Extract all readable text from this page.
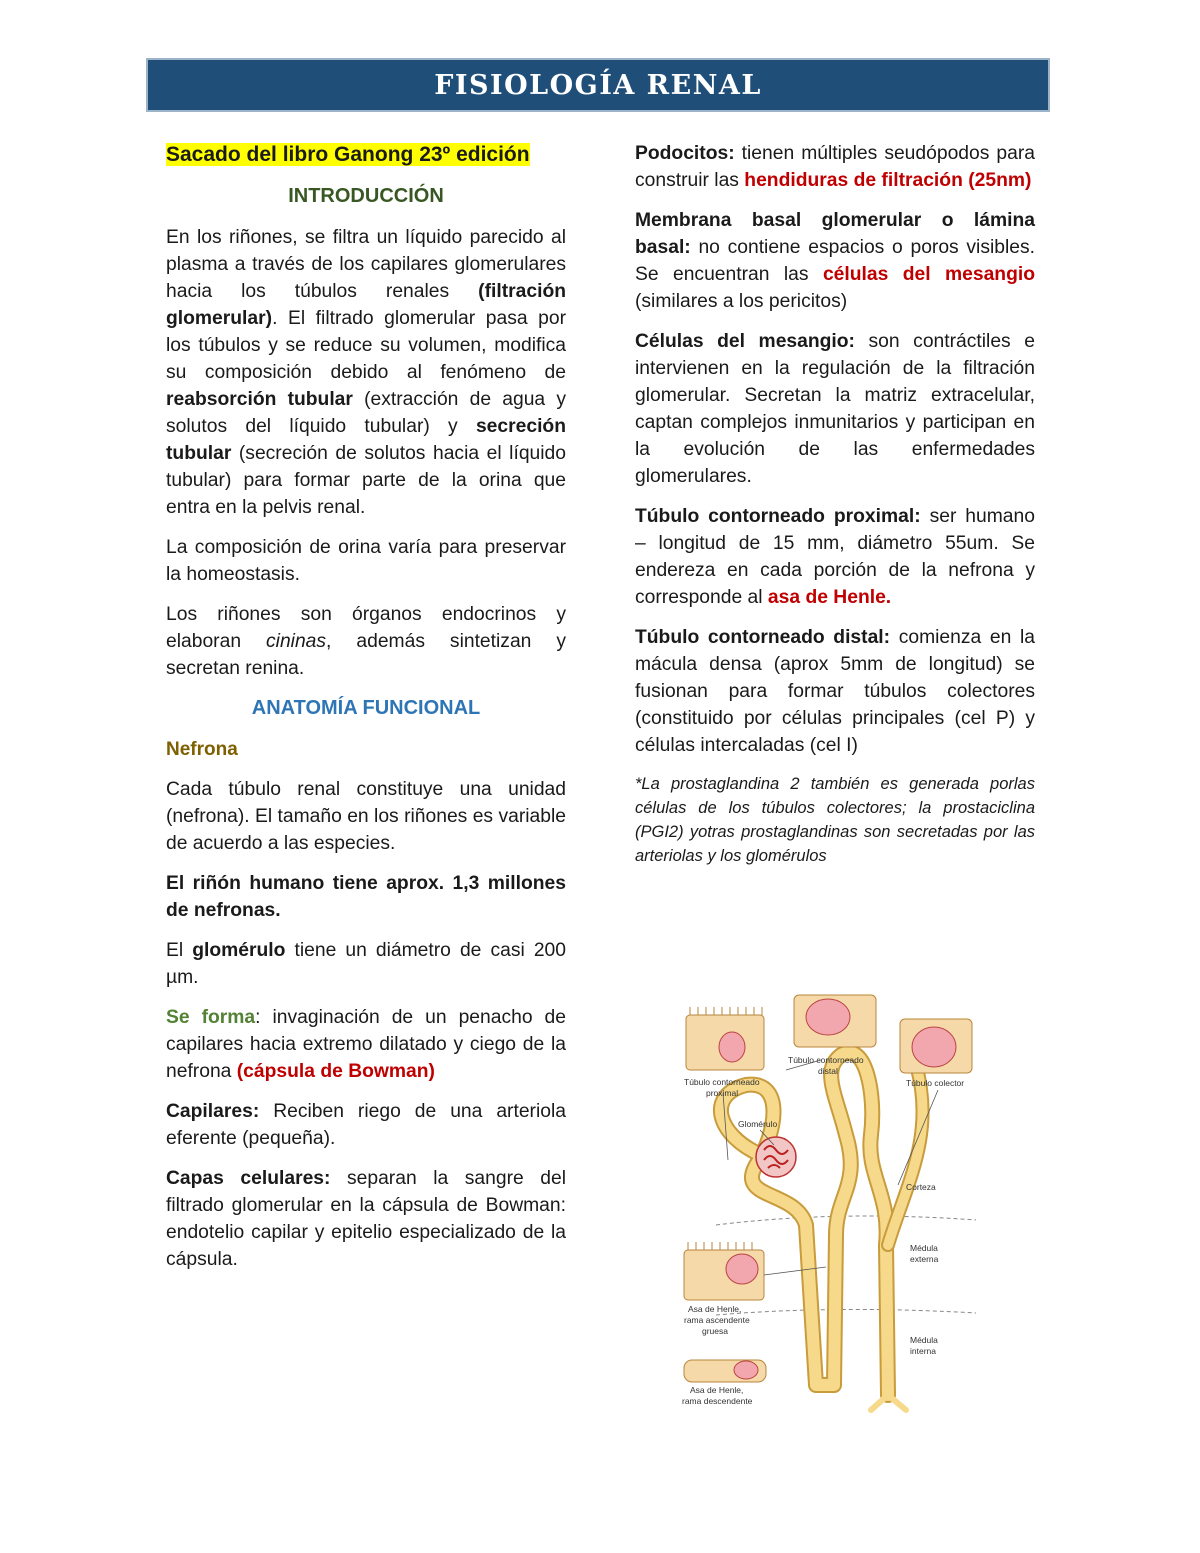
FISIOLOGÍA RENAL

Sacado del libro Ganong 23º edición

INTRODUCCIÓN

En los riñones, se filtra un líquido parecido al plasma a través de los capilares glomerulares hacia los túbulos renales (filtración glomerular). El filtrado glomerular pasa por los túbulos y se reduce su volumen, modifica su composición debido al fenómeno de reabsorción tubular (extracción de agua y solutos del líquido tubular) y secreción tubular (secreción de solutos hacia el líquido tubular) para formar parte de la orina que entra en la pelvis renal.

La composición de orina varía para preservar la homeostasis.

Los riñones son órganos endocrinos y elaboran cininas, además sintetizan y secretan renina.

ANATOMÍA FUNCIONAL

Nefrona

Cada túbulo renal constituye una unidad (nefrona). El tamaño en los riñones es variable de acuerdo a las especies.

El riñón humano tiene aprox. 1,3 millones de nefronas.

El glomérulo tiene un diámetro de casi 200 µm.

Se forma: invaginación de un penacho de capilares hacia extremo dilatado y ciego de la nefrona (cápsula de Bowman)

Capilares: Reciben riego de una arteriola eferente (pequeña).

Capas celulares: separan la sangre del filtrado glomerular en la cápsula de Bowman: endotelio capilar y epitelio especializado de la cápsula.

Podocitos: tienen múltiples seudópodos para construir las hendiduras de filtración (25nm)

Membrana basal glomerular o lámina basal: no contiene espacios o poros visibles. Se encuentran las células del mesangio (similares a los pericitos)

Células del mesangio: son contráctiles e intervienen en la regulación de la filtración glomerular. Secretan la matriz extracelular, captan complejos inmunitarios y participan en la evolución de las enfermedades glomerulares.

Túbulo contorneado proximal: ser humano – longitud de 15 mm, diámetro 55um. Se endereza en cada porción de la nefrona y corresponde al asa de Henle.

Túbulo contorneado distal: comienza en la mácula densa (aprox 5mm de longitud) se fusionan para formar túbulos colectores (constituido por células principales (cel P) y células intercaladas (cel I)

*La prostaglandina 2 también es generada porlas células de los túbulos colectores; la prostaciclina (PGI2) yotras prostaglandinas son secretadas por las arteriolas y los glomérulos

Túbulo contorneado
proximal
Túbulo contorneado
distal
Túbulo colector
Glomérulo
Corteza
Médula
externa
Médula
interna
Asa de Henle,
rama ascendente
gruesa
Asa de Henle,
rama descendente
